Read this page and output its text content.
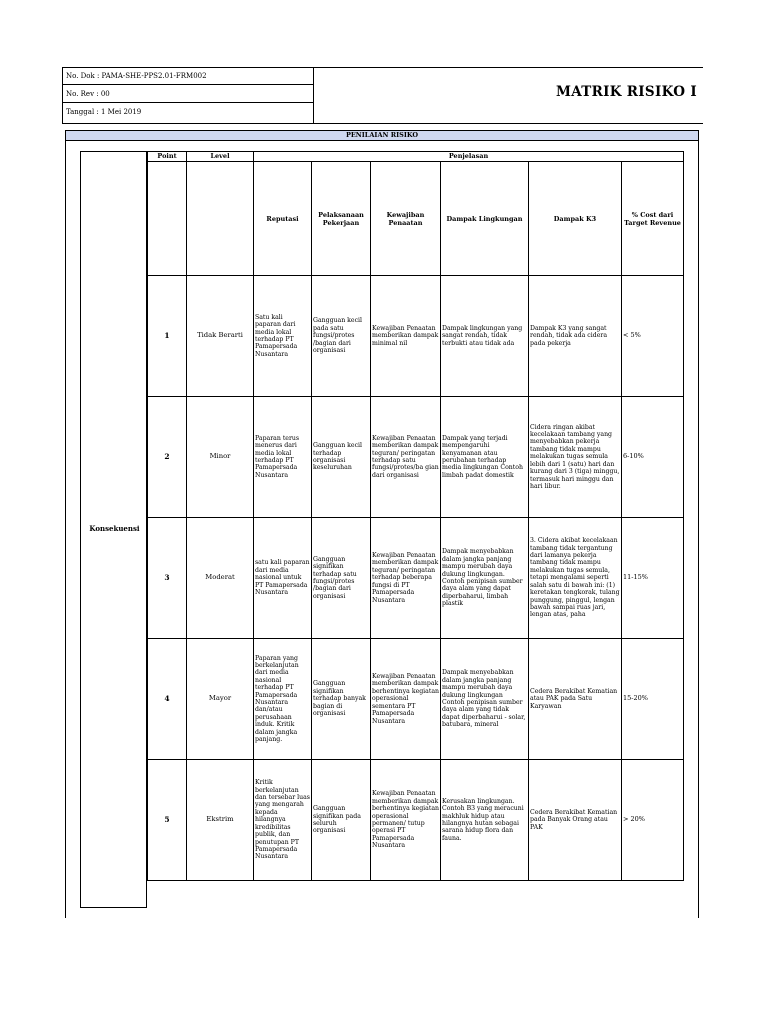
No. Dok : PAMA-SHE-PPS2.01-FRM002
No. Rev : 00
Tanggal : 1 Mei 2019
MATRIK RISIKO I
PENILAIAN RISIKO
Konsekuensi
Point	Level	Penjelasan					
		Reputasi	Pelaksanaan Pekerjaan	Kewajiban Penaatan	Dampak Lingkungan	Dampak K3	% Cost dari Target Revenue
1	Tidak Berarti	Satu kali paparan dari media lokal terhadap PT Pamapersada Nusantara	Gangguan kecil pada satu fungsi/protes /bagian dari organisasi	Kewajiban Penaatan memberikan dampak minimal nil	Dampak lingkungan yang sangat rendah, tidak terbukti atau tidak ada	Dampak K3 yang sangat rendah, tidak ada cidera pada pekerja	< 5%
2	Minor	Paparan terus menerus dari media lokal terhadap PT Pamapersada Nusantara	Gangguan kecil terhadap organisasi keseluruhan	Kewajiban Penaatan memberikan dampak teguran/ peringatan terhadap satu fungsi/protes/ba gian dari organisasi	Dampak yang terjadi mempengaruhi kenyamanan atau perubahan terhadap media lingkungan Contoh limbah padat domestik	Cidera ringan akibat kecelakaan tambang yang menyebabkan pekerja tambang tidak mampu melakukan tugas semula lebih dari 1 (satu) hari dan kurang dari 3 (tiga) minggu, termasuk hari minggu dan hari libur.	6-10%
3	Moderat	satu kali paparan dari media nasional untuk PT Pamapersada Nusantara	Gangguan signifikan terhadap satu fungsi/protes /bagian dari organisasi	Kewajiban Penaatan memberikan dampak teguran/ peringatan terhadap beberapa fungsi di PT Pamapersada Nusantara	Dampak menyebabkan dalam jangka panjang mampu merubah daya dukung lingkungan. Contoh penipisan sumber daya alam yang dapat diperbaharui, limbah plastik	3. Cidera akibat kecelakaan tambang tidak tergantung dari lamanya pekerja tambang tidak mampu melakukan tugas semula, tetapi mengalami seperti salah satu di bawah ini: (1) keretakan tengkorak, tulang punggung, pinggul, lengan bawah sampai ruas jari, lengan atas, paha	11-15%
4	Mayor	Paparan yang berkelanjutan dari media nasional terhadap PT Pamapersada Nusantara dan/atau perusahaan induk. Kritik dalam jangka panjang.	Gangguan signifikan terhadap banyak bagian di organisasi	Kewajiban Penaatan memberikan dampak berhentinya kegiatan operasional sementara PT Pamapersada Nusantara	Dampak menyebabkan dalam jangka panjang mampu merubah daya dukung lingkungan Contoh penipisan sumber daya alam yang tidak dapat diperbaharui - solar, batubara, mineral	Cedera Berakibat Kematian atau PAK pada Satu Karyawan	15-20%
5	Ekstrim	Kritik berkelanjutan dan tersebar luas yang mengarah kepada hilangnya kredibilitas publik, dan penutupan PT Pamapersada Nusantara	Gangguan signifikan pada seluruh organisasi	Kewajiban Penaatan memberikan dampak berhentinya kegiatan operasional permanen/ tutup operasi PT Pamapersada Nusantara	Kerusakan lingkungan. Contoh B3 yang meracuni makhluk hidup atau hilangnya hutan sebagai sarana hidup flora dan fauna.	Cedera Berakibat Kematian pada Banyak Orang atau PAK	> 20%
